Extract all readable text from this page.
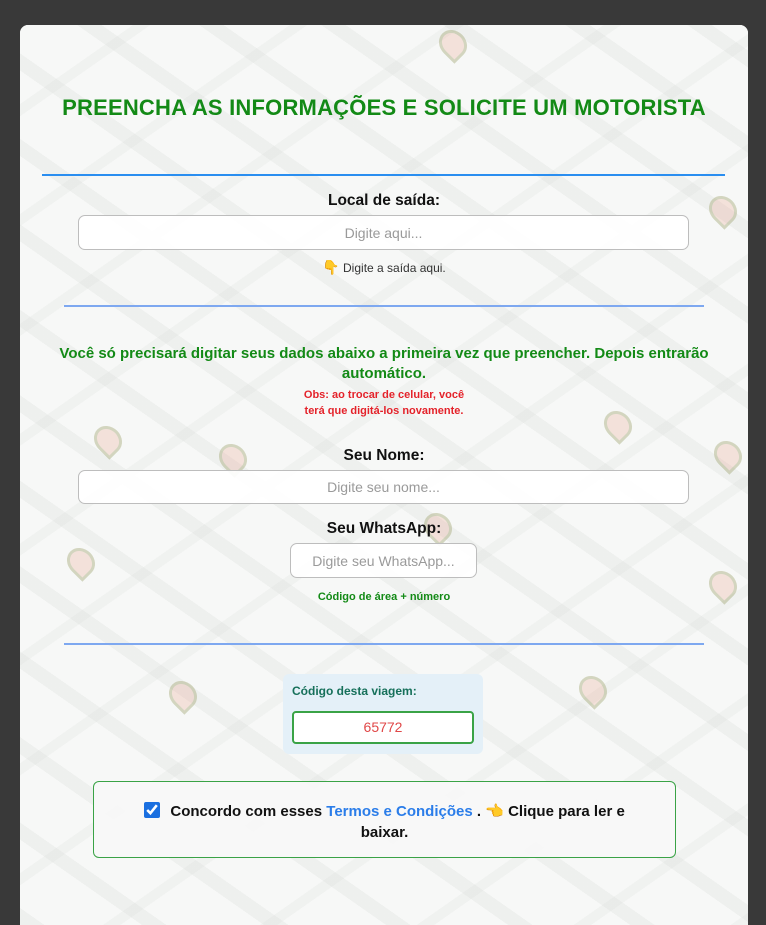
PREENCHA AS INFORMAÇÕES E SOLICITE UM MOTORISTA
Local de saída:
Digite aqui...
👇 Digite a saída aqui.
Você só precisará digitar seus dados abaixo a primeira vez que preencher. Depois entrarão automático.
Obs: ao trocar de celular, você
terá que digitá-los novamente.
Seu Nome:
Digite seu nome...
Seu WhatsApp:
Digite seu WhatsApp...
Código de área + número
Código desta viagem:
65772
Concordo com esses Termos e Condições . 👈 Clique para ler e baixar.
